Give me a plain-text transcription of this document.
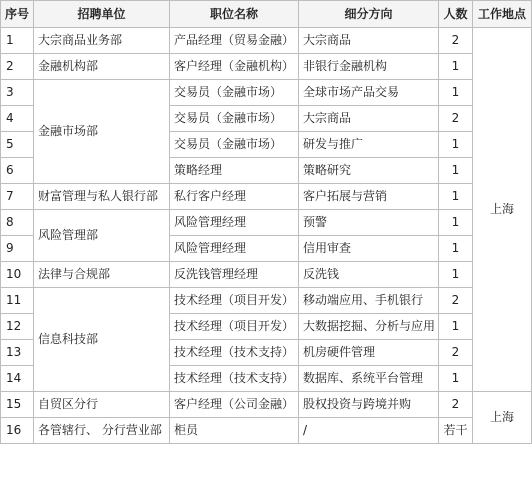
序号	招聘单位	职位名称	细分方向	人数	工作地点
1	大宗商品业务部	产品经理（贸易金融）	大宗商品	2	上海
2	金融机构部	客户经理（金融机构）	非银行金融机构	1	
3	金融市场部	交易员（金融市场）	全球市场产品交易	1	
4		交易员（金融市场）	大宗商品	2	
5		交易员（金融市场）	研发与推广	1	
6		策略经理	策略研究	1	
7	财富管理与私人银行部	私行客户经理	客户拓展与营销	1	
8	风险管理部	风险管理经理	预警	1	
9		风险管理经理	信用审查	1	
10	法律与合规部	反洗钱管理经理	反洗钱	1	
11	信息科技部	技术经理（项目开发）	移动端应用、手机银行	2	
12		技术经理（项目开发）	大数据挖掘、分析与应用	1	
13		技术经理（技术支持）	机房硬件管理	2	
14		技术经理（技术支持）	数据库、系统平台管理	1	
15	自贸区分行	客户经理（公司金融）	股权投资与跨境并购	2	上海
16	各管辖行、 分行营业部	柜员	/	若干	
